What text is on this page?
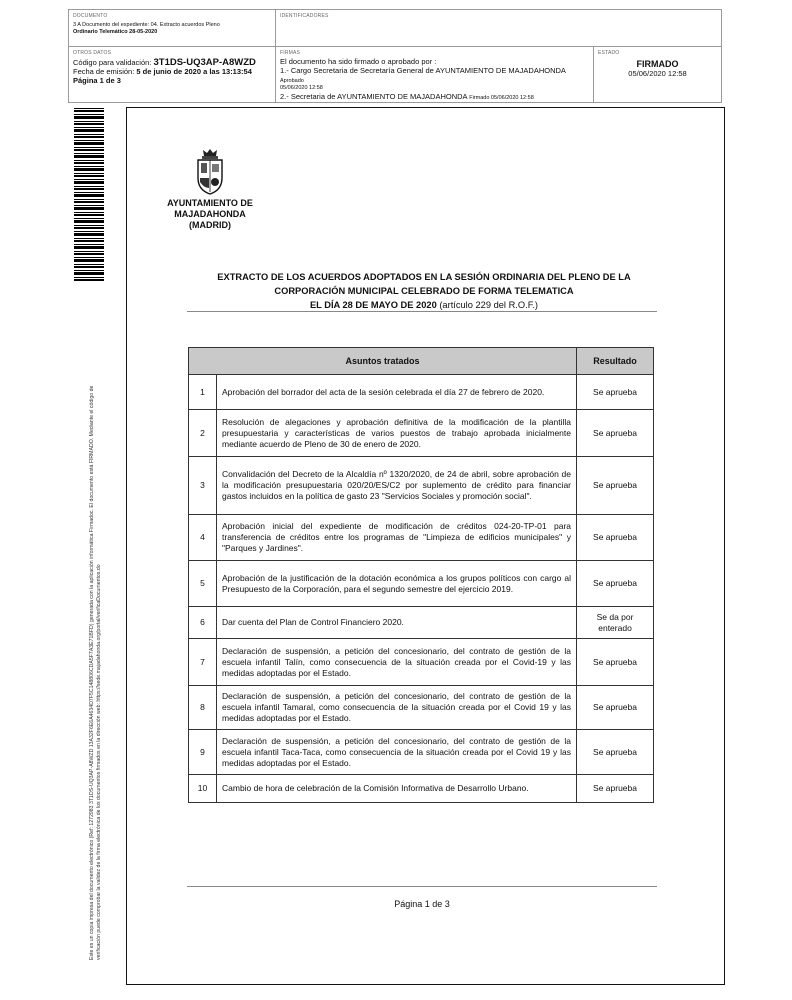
DOCUMENTO
3 A Documento del expediente: 04. Extracto acuerdos Pleno
Ordinario Telemático 28-05-2020
IDENTIFICADORES
OTROS DATOS
Código para validación: 3T1DS-UQ3AP-A8WZD
Fecha de emisión: 5 de junio de 2020 a las 13:13:54
Página 1 de 3
FIRMAS
El documento ha sido firmado o aprobado por :
1.- Cargo Secretaria de Secretaría General de AYUNTAMIENTO DE MAJADAHONDA Aprobado
05/06/2020 12:58
2.- Secretaria de AYUNTAMIENTO DE MAJADAHONDA Firmado 05/06/2020 12:58
ESTADO
FIRMADO
05/06/2020 12:58
Este es un copia impresa del documento electrónico (Ref: 1272983 3T1DS-UQ3AP-A8WZD 13A32F6E6A4634D7F5C148806CDA5F7A3E71BFD) generada con la aplicación informática Firmadoc. El documento está FIRMADO. Mediante el código de verificación puede comprobar la validez de la firma electrónica de los documentos firmados en la dirección web: https://sede.majadahonda.org/portal/verificaDocumentos.do
AYUNTAMIENTO DE
MAJADAHONDA
(MADRID)
EXTRACTO DE LOS ACUERDOS ADOPTADOS EN LA SESIÓN ORDINARIA DEL PLENO DE LA
CORPORACIÓN MUNICIPAL CELEBRADO DE FORMA TELEMATICA
EL DÍA 28 DE MAYO DE 2020 (artículo 229 del R.O.F.)
Asuntos tratados		Resultado
1	Aprobación del borrador del acta de la sesión celebrada el día 27 de febrero de 2020.	Se aprueba
2	Resolución de alegaciones y aprobación definitiva de la modificación de la plantilla presupuestaria y características de varios puestos de trabajo aprobada inicialmente mediante acuerdo de Pleno de 30 de enero de 2020.	Se aprueba
3	Convalidación del Decreto de la Alcaldía nº 1320/2020, de 24 de abril, sobre aprobación de la modificación presupuestaria 020/20/ES/C2 por suplemento de crédito para financiar gastos incluidos en la política de gasto 23 "Servicios Sociales y promoción social".	Se aprueba
4	Aprobación inicial del expediente de modificación de créditos 024-20-TP-01 para transferencia de créditos entre los programas de "Limpieza de edificios municipales" y "Parques y Jardines".	Se aprueba
5	Aprobación de la justificación de la dotación económica a los grupos políticos con cargo al Presupuesto de la Corporación, para el segundo semestre del ejercicio 2019.	Se aprueba
6	Dar cuenta del Plan de Control Financiero 2020.	Se da por enterado
7	Declaración de suspensión, a petición del concesionario, del contrato de gestión de la escuela infantil Talín, como consecuencia de la situación creada por el Covid-19 y las medidas adoptadas por el Estado.	Se aprueba
8	Declaración de suspensión, a petición del concesionario, del contrato de gestión de la escuela infantil Tamaral, como consecuencia de la situación creada por el Covid 19 y las medidas adoptadas por el Estado.	Se aprueba
9	Declaración de suspensión, a petición del concesionario, del contrato de gestión de la escuela infantil Taca-Taca, como consecuencia de la situación creada por el Covid 19 y las medidas adoptadas por el Estado.	Se aprueba
10	Cambio de hora de celebración de la Comisión Informativa de Desarrollo Urbano.	Se aprueba
Página 1 de 3
